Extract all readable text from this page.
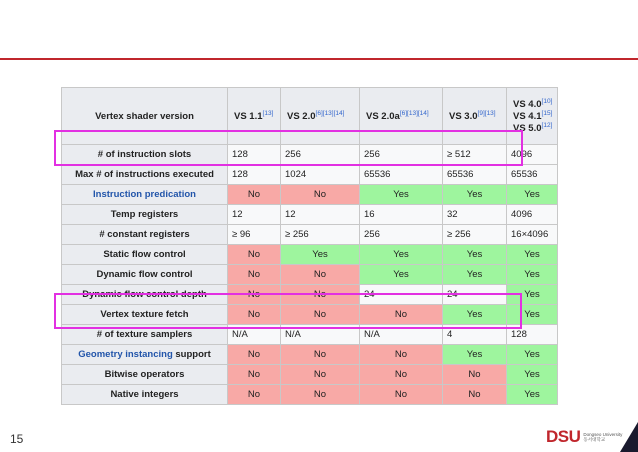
Vertex shader version	VS 1.1[13]	VS 2.0[6][13][14]	VS 2.0a[6][13][14]	VS 3.0[9][13]	VS 4.0[10]
VS 4.1[15]
VS 5.0[12]

# of instruction slots	128	256	256	≥ 512	4096
Max # of instructions executed	128	1024	65536	65536	65536
Instruction predication	No	No	Yes	Yes	Yes
Temp registers	12	12	16	32	4096
# constant registers	≥ 96	≥ 256	256	≥ 256	16×4096
Static flow control	No	Yes	Yes	Yes	Yes
Dynamic flow control	No	No	Yes	Yes	Yes
Dynamic flow control depth	No	No	24	24	Yes
Vertex texture fetch	No	No	No	Yes	Yes
# of texture samplers	N/A	N/A	N/A	4	128
Geometry instancing support	No	No	No	Yes	Yes
Bitwise operators	No	No	No	No	Yes
Native integers	No	No	No	No	Yes
15	DSU Dongseo University
동서대학교
